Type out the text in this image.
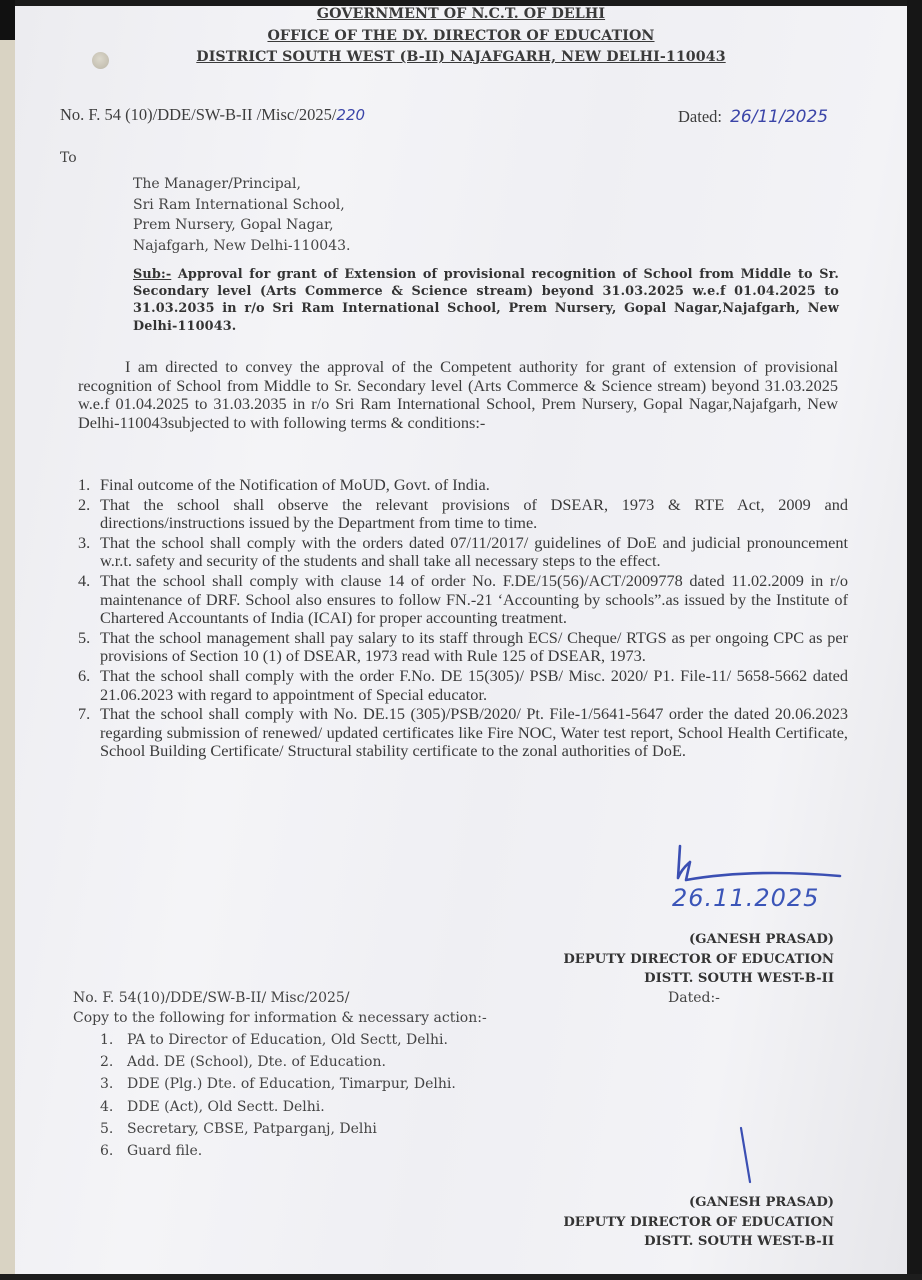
GOVERNMENT OF N.C.T. OF DELHI
OFFICE OF THE DY. DIRECTOR OF EDUCATION
DISTRICT SOUTH WEST (B-II) NAJAFGARH, NEW DELHI-110043
No. F. 54 (10)/DDE/SW-B-II /Misc/2025/220	Dated: 26/11/2025
To
The Manager/Principal,
Sri Ram International School,
Prem Nursery, Gopal Nagar,
Najafgarh, New Delhi-110043.
Sub:- Approval for grant of Extension of provisional recognition of School from Middle to Sr. Secondary level (Arts Commerce & Science stream) beyond 31.03.2025 w.e.f 01.04.2025 to 31.03.2035 in r/o Sri Ram International School, Prem Nursery, Gopal Nagar,Najafgarh, New Delhi-110043.
I am directed to convey the approval of the Competent authority for grant of extension of provisional recognition of School from Middle to Sr. Secondary level (Arts Commerce & Science stream) beyond 31.03.2025 w.e.f 01.04.2025 to 31.03.2035 in r/o Sri Ram International School, Prem Nursery, Gopal Nagar,Najafgarh, New Delhi-110043subjected to with following terms & conditions:-
1. Final outcome of the Notification of MoUD, Govt. of India.
2. That the school shall observe the relevant provisions of DSEAR, 1973 & RTE Act, 2009 and directions/instructions issued by the Department from time to time.
3. That the school shall comply with the orders dated 07/11/2017/ guidelines of DoE and judicial pronouncement w.r.t. safety and security of the students and shall take all necessary steps to the effect.
4. That the school shall comply with clause 14 of order No. F.DE/15(56)/ACT/2009778 dated 11.02.2009 in r/o maintenance of DRF. School also ensures to follow FN.-21 ‘Accounting by schools”.as issued by the Institute of Chartered Accountants of India (ICAI) for proper accounting treatment.
5. That the school management shall pay salary to its staff through ECS/ Cheque/ RTGS as per ongoing CPC as per provisions of Section 10 (1) of DSEAR, 1973 read with Rule 125 of DSEAR, 1973.
6. That the school shall comply with the order F.No. DE 15(305)/ PSB/ Misc. 2020/ P1. File-11/ 5658-5662 dated 21.06.2023 with regard to appointment of Special educator.
7. That the school shall comply with No. DE.15 (305)/PSB/2020/ Pt. File-1/5641-5647 order the dated 20.06.2023 regarding submission of renewed/ updated certificates like Fire NOC, Water test report, School Health Certificate, School Building Certificate/ Structural stability certificate to the zonal authorities of DoE.
26.11.2025
(GANESH PRASAD)
DEPUTY DIRECTOR OF EDUCATION
DISTT. SOUTH WEST-B-II
Dated:-
No. F. 54(10)/DDE/SW-B-II/ Misc/2025/
Copy to the following for information & necessary action:-
1. PA to Director of Education, Old Sectt, Delhi.
2. Add. DE (School), Dte. of Education.
3. DDE (Plg.) Dte. of Education, Timarpur, Delhi.
4. DDE (Act), Old Sectt. Delhi.
5. Secretary, CBSE, Patparganj, Delhi
6. Guard file.
(GANESH PRASAD)
DEPUTY DIRECTOR OF EDUCATION
DISTT. SOUTH WEST-B-II
